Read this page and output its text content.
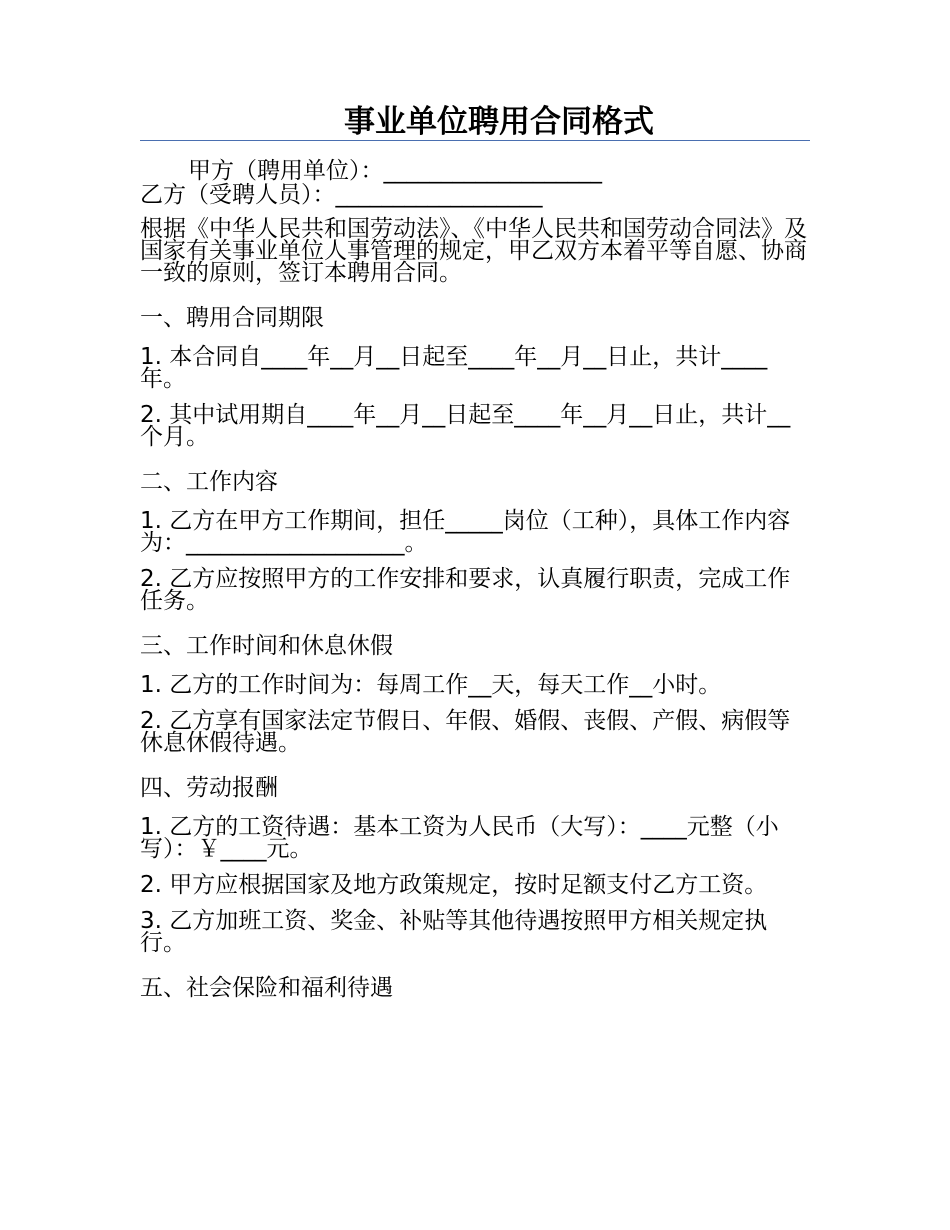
事业单位聘用合同格式

甲方（聘用单位）：___________________

乙方（受聘人员）：__________________

根据《中华人民共和国劳动法》、《中华人民共和国劳动合同法》及国家有关事业单位人事管理的规定，甲乙双方本着平等自愿、协商一致的原则，签订本聘用合同。

一、聘用合同期限

1. 本合同自____年__月__日起至____年__月__日止，共计____年。

2. 其中试用期自____年__月__日起至____年__月__日止，共计__个月。

二、工作内容

1. 乙方在甲方工作期间，担任_____岗位（工种），具体工作内容为：___________________。

2. 乙方应按照甲方的工作安排和要求，认真履行职责，完成工作任务。

三、工作时间和休息休假

1. 乙方的工作时间为：每周工作__天，每天工作__小时。

2. 乙方享有国家法定节假日、年假、婚假、丧假、产假、病假等休息休假待遇。

四、劳动报酬

1. 乙方的工资待遇：基本工资为人民币（大写）：____元整（小写）：￥____元。

2. 甲方应根据国家及地方政策规定，按时足额支付乙方工资。

3. 乙方加班工资、奖金、补贴等其他待遇按照甲方相关规定执行。

五、社会保险和福利待遇
